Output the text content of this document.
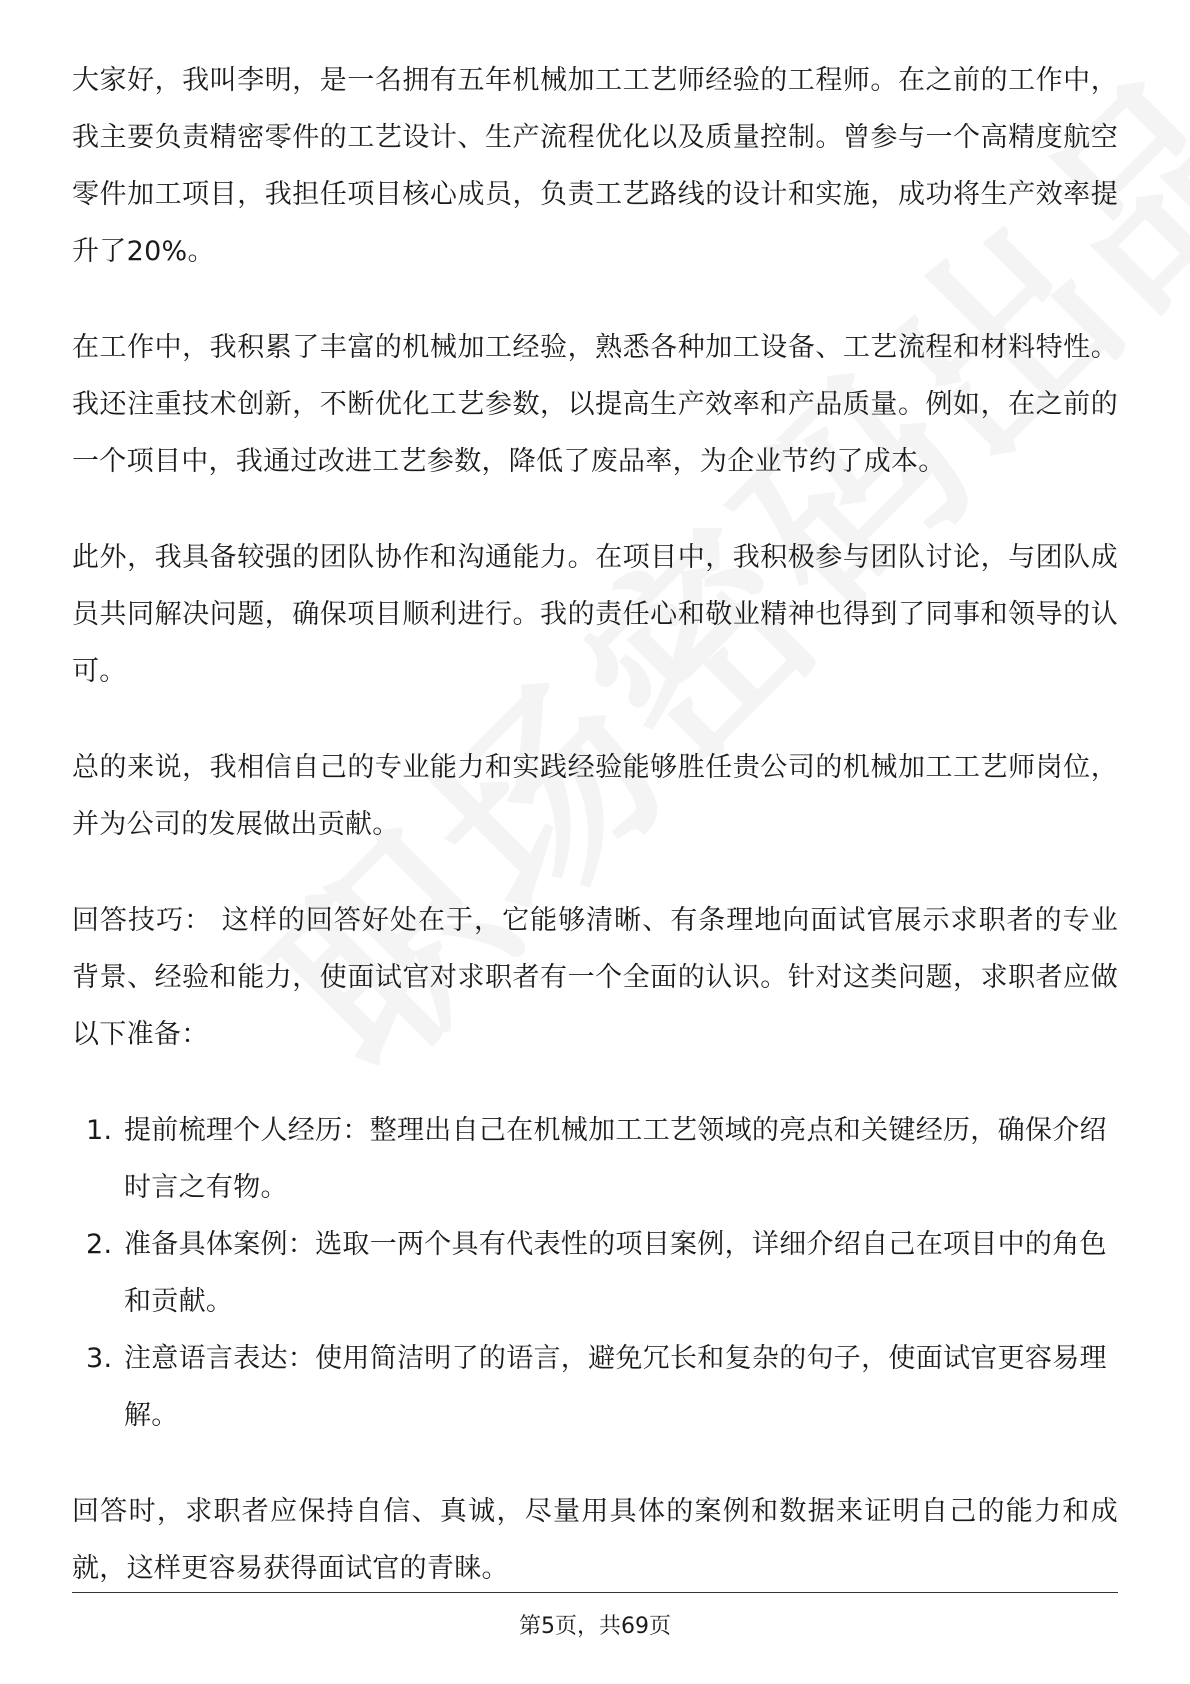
大家好，我叫李明，是一名拥有五年机械加工工艺师经验的工程师。在之前的工作中，我主要负责精密零件的工艺设计、生产流程优化以及质量控制。曾参与一个高精度航空零件加工项目，我担任项目核心成员，负责工艺路线的设计和实施，成功将生产效率提升了20%。

在工作中，我积累了丰富的机械加工经验，熟悉各种加工设备、工艺流程和材料特性。我还注重技术创新，不断优化工艺参数，以提高生产效率和产品质量。例如，在之前的一个项目中，我通过改进工艺参数，降低了废品率，为企业节约了成本。

此外，我具备较强的团队协作和沟通能力。在项目中，我积极参与团队讨论，与团队成员共同解决问题，确保项目顺利进行。我的责任心和敬业精神也得到了同事和领导的认可。

总的来说，我相信自己的专业能力和实践经验能够胜任贵公司的机械加工工艺师岗位，并为公司的发展做出贡献。

回答技巧： 这样的回答好处在于，它能够清晰、有条理地向面试官展示求职者的专业背景、经验和能力，使面试官对求职者有一个全面的认识。针对这类问题，求职者应做以下准备：

1. 提前梳理个人经历：整理出自己在机械加工工艺领域的亮点和关键经历，确保介绍时言之有物。
2. 准备具体案例：选取一两个具有代表性的项目案例，详细介绍自己在项目中的角色和贡献。
3. 注意语言表达：使用简洁明了的语言，避免冗长和复杂的句子，使面试官更容易理解。

回答时，求职者应保持自信、真诚，尽量用具体的案例和数据来证明自己的能力和成就，这样更容易获得面试官的青睐。

第5页，共69页
